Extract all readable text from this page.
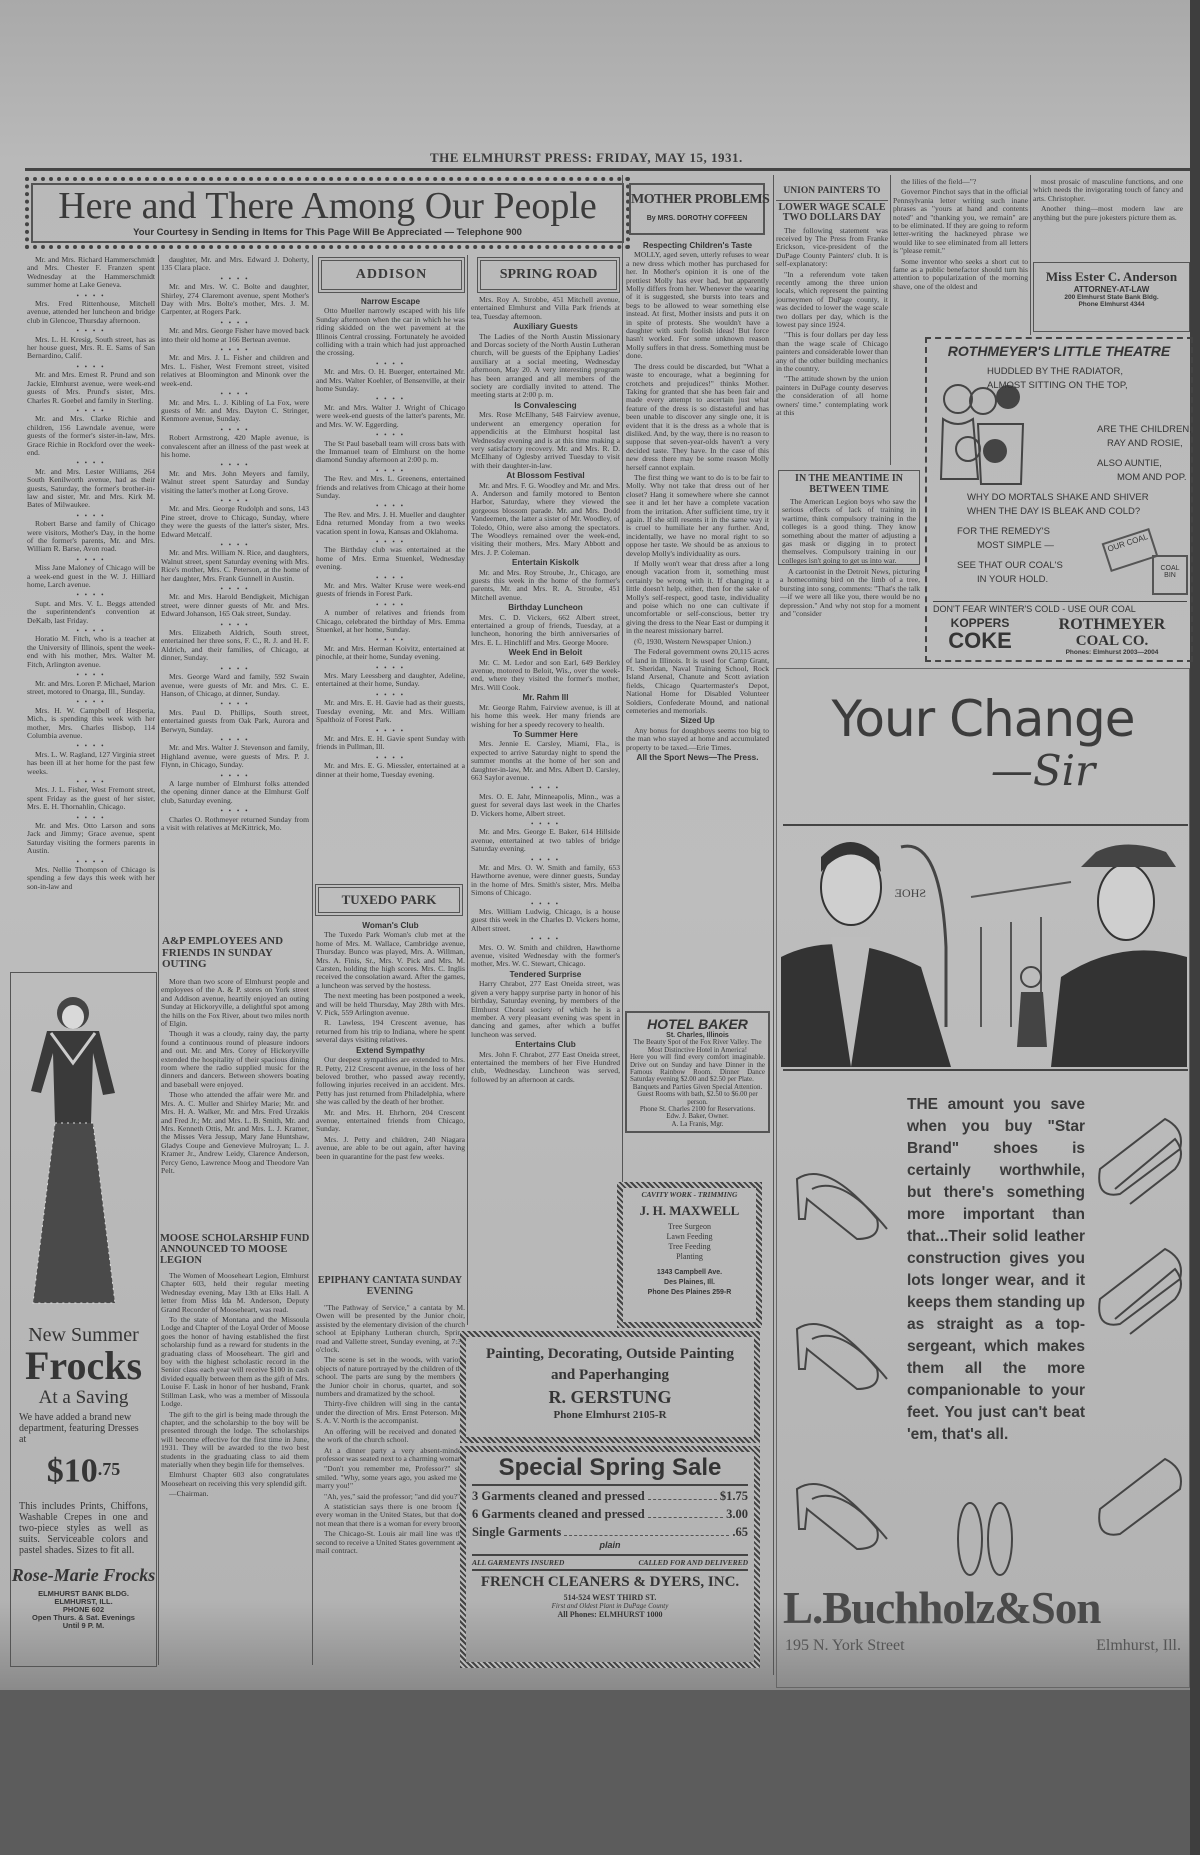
THE ELMHURST PRESS: FRIDAY, MAY 15, 1931.
Here and There Among Our People
Your Courtesy in Sending in Items for This Page Will Be Appreciated — Telephone 900

Mr. and Mrs. Richard Hammerschmidt and Mrs. Chester F. Franzen spent Wednesday at the Hammerschmidt summer home at Lake Geneva.

• • • •

Mrs. Fred Rittenhouse, Mitchell avenue, attended her luncheon and bridge club in Glencoe, Thursday afternoon.

• • • •

Mrs. L. H. Kresig, South street, has as her house guest, Mrs. R. E. Sams of San Bernardino, Calif.

• • • •

Mr. and Mrs. Ernest R. Prund and son Jackie, Elmhurst avenue, were week-end guests of Mrs. Prund's sister, Mrs. Charles R. Goebel and family in Sterling.

• • • •

Mr. and Mrs. Clarke Richie and children, 156 Lawndale avenue, were guests of the former's sister-in-law, Mrs. Grace Richie in Rockford over the week-end.

• • • •

Mr. and Mrs. Lester Williams, 264 South Kenilworth avenue, had as their guests, Saturday, the former's brother-in-law and sister, Mr. and Mrs. Kirk M. Bates of Milwaukee.

• • • •

Robert Barse and family of Chicago were visitors, Mother's Day, in the home of the former's parents, Mr. and Mrs. William R. Barse, Avon road.

• • • •

Miss Jane Maloney of Chicago will be a week-end guest in the W. J. Hilliard home, Larch avenue.

• • • •

Supt. and Mrs. V. L. Beggs attended the superintendent's convention at DeKalb, last Friday.

• • • •

Horatio M. Fitch, who is a teacher at the University of Illinois, spent the week-end with his mother, Mrs. Walter M. Fitch, Arlington avenue.

• • • •

Mr. and Mrs. Loren P. Michael, Marion street, motored to Onarga, Ill., Sunday.

• • • •

Mrs. H. W. Campbell of Hesperia, Mich., is spending this week with her mother, Mrs. Charles Ilisbop, 114 Columbia avenue.

• • • •

Mrs. L. W. Ragland, 127 Virginia street has been ill at her home for the past few weeks.

• • • •

Mrs. J. L. Fisher, West Fremont street, spent Friday as the guest of her sister, Mrs. E. H. Thornahlin, Chicago.

• • • •

Mr. and Mrs. Otto Larson and sons Jack and Jimmy; Grace avenue, spent Saturday visiting the formers parents in Austin.

• • • •

Mrs. Nellie Thompson of Chicago is spending a few days this week with her son-in-law and

New Summer
Frocks
At a Saving
We have added a brand new department, featuring Dresses at
$\$10^{.75}$
This includes Prints, Chiffons, Washable Crepes in one and two-piece styles as well as suits. Serviceable colors and pastel shades. Sizes to fit all.
Rose-Marie Frocks
ELMHURST BANK BLDG.
ELMHURST, ILL.
PHONE 602
Open Thurs. & Sat. Evenings
Until 9 P. M.

daughter, Mr. and Mrs. Edward J. Doherty, 135 Clara place.

• • • •

Mr. and Mrs. W. C. Bolte and daughter, Shirley, 274 Claremont avenue, spent Mother's Day with Mrs. Bolte's mother, Mrs. J. M. Carpenter, at Rogers Park.

• • • •

Mr. and Mrs. George Fisher have moved back into their old home at 166 Bertean avenue.

• • • •

Mr. and Mrs. J. L. Fisher and children and Mrs. L. Fisher, West Fremont street, visited relatives at Bloomington and Minonk over the week-end.

• • • •

Mr. and Mrs. L. J. Kibling of La Fox, were guests of Mr. and Mrs. Dayton C. Stringer, Kenmore avenue, Sunday.

• • • •

Robert Armstrong, 420 Maple avenue, is convalescent after an illness of the past week at his home.

• • • •

Mr. and Mrs. John Meyers and family, Walnut street spent Saturday and Sunday visiting the latter's mother at Long Grove.

• • • •

Mr. and Mrs. George Rudolph and sons, 143 Pine street, drove to Chicago, Sunday, where they were the guests of the latter's sister, Mrs. Edward Metcalf.

• • • •

Mr. and Mrs. William N. Rice, and daughters, Walnut street, spent Saturday evening with Mrs. Rice's mother, Mrs. C. Peterson, at the home of her daughter, Mrs. Frank Gunnell in Austin.

• • • •

Mr. and Mrs. Harold Bendigkeit, Michigan street, were dinner guests of Mr. and Mrs. Edward Johanson, 165 Oak street, Sunday.

• • • •

Mrs. Elizabeth Aldrich, South street, entertained her three sons, F. C., R. J. and H. F. Aldrich, and their families, of Chicago, at dinner, Sunday.

• • • •

Mrs. George Ward and family, 592 Swain avenue, were guests of Mr. and Mrs. C. E. Hanson, of Chicago, at dinner, Sunday.

• • • •

Mrs. Paul D. Phillips, South street, entertained guests from Oak Park, Aurora and Berwyn, Sunday.

• • • •

Mr. and Mrs. Walter J. Stevenson and family, Highland avenue, were guests of Mrs. P. J. Flynn, in Chicago, Sunday.

• • • •

A large number of Elmhurst folks attended the opening dinner dance at the Elmhurst Golf club, Saturday evening.

• • • •

Charles O. Rothmeyer returned Sunday from a visit with relatives at McKittrick, Mo.

A&P EMPLOYEES AND FRIENDS IN SUNDAY OUTING

More than two score of Elmhurst people and employees of the A. & P. stores on York street and Addison avenue, heartily enjoyed an outing Sunday at Hickoryville, a delightful spot among the hills on the Fox River, about two miles north of Elgin.

Though it was a cloudy, rainy day, the party found a continuous round of pleasure indoors and out. Mr. and Mrs. Corey of Hickoryville extended the hospitality of their spacious dining room where the radio supplied music for the dinners and dancers. Between showers boating and baseball were enjoyed.

Those who attended the affair were Mr. and Mrs. A. C. Muller and Shirley Marie; Mr. and Mrs. H. A. Walker, Mr. and Mrs. Fred Urzakis and Fred Jr.; Mr. and Mrs. L. B. Smith, Mr. and Mrs. Kenneth Ottis, Mr. and Mrs. L. J. Kramer, the Misses Vera Jessup, Mary Jane Huntshaw, Gladys Coupe and Genevieve Mulroyan; L. J. Kramer Jr., Andrew Leidy, Clarence Anderson, Percy Geno, Lawrence Moog and Theodore Van Pelt.

MOOSE SCHOLARSHIP FUND ANNOUNCED TO MOOSE LEGION

The Women of Mooseheart Legion, Elmhurst Chapter 603, held their regular meeting Wednesday evening, May 13th at Elks Hall. A letter from Miss Ida M. Anderson, Deputy Grand Recorder of Mooseheart, was read.

To the state of Montana and the Missoula Lodge and Chapter of the Loyal Order of Moose goes the honor of having established the first scholarship fund as a reward for students in the graduating class of Mooseheart. The girl and boy with the highest scholastic record in the Senior class each year will receive $100 in cash divided equally between them as the gift of Mrs. Louise F. Lask in honor of her husband, Frank Stillman Lask, who was a member of Missoula Lodge.

The gift to the girl is being made through the chapter, and the scholarship to the boy will be presented through the lodge. The scholarships will become effective for the first time in June, 1931. They will be awarded to the two best students in the graduating class to aid them materially when they begin life for themselves.

Elmhurst Chapter 603 also congratulates Mooseheart on receiving this very splendid gift.

—Chairman.

ADDISON
Narrow Escape

Otto Mueller narrowly escaped with his life Sunday afternoon when the car in which he was riding skidded on the wet pavement at the Illinois Central crossing. Fortunately he avoided colliding with a train which had just approached the crossing.

• • • •

Mr. and Mrs. O. H. Buerger, entertained Mr. and Mrs. Walter Koehler, of Bensenville, at their home Sunday.

• • • •

Mr. and Mrs. Walter J. Wright of Chicago were week-end guests of the latter's parents, Mr. and Mrs. W. W. Eggerding.

• • • •

The St Paul baseball team will cross bats with the Immanuel team of Elmhurst on the home diamond Sunday afternoon at 2:00 p. m.

• • • •

The Rev. and Mrs. L. Greenens, entertained friends and relatives from Chicago at their home Sunday.

• • • •

The Rev. and Mrs. J. H. Mueller and daughter Edna returned Monday from a two weeks vacation spent in Iowa, Kansas and Oklahoma.

• • • •

The Birthday club was entertained at the home of Mrs. Erma Stuenkel, Wednesday evening.

• • • •

Mr. and Mrs. Walter Kruse were week-end guests of friends in Forest Park.

• • • •

A number of relatives and friends from Chicago, celebrated the birthday of Mrs. Emma Stuenkel, at her home, Sunday.

• • • •

Mr. and Mrs. Herman Koivitz, entertained at pinochle, at their home, Sunday evening.

• • • •

Mrs. Mary Leessberg and daughter, Adeline, entertained at their home, Sunday.

• • • •

Mr. and Mrs. E. H. Gavie had as their guests, Tuesday evening, Mr. and Mrs. William Spalthoiz of Forest Park.

• • • •

Mr. and Mrs. E. H. Gavie spent Sunday with friends in Pullman, Ill.

• • • •

Mr. and Mrs. E. G. Miessler, entertained at a dinner at their home, Tuesday evening.

TUXEDO PARK
Woman's Club

The Tuxedo Park Woman's club met at the home of Mrs. M. Wallace, Cambridge avenue, Thursday. Bunco was played, Mrs. A. Willman, Mrs. A. Finis, Sr., Mrs. V. Pick and Mrs. M. Carsten, holding the high scores. Mrs. C. Inglis received the consolation award. After the games, a luncheon was served by the hostess.

The next meeting has been postponed a week, and will be held Thursday, May 28th with Mrs. V. Pick, 559 Arlington avenue.

R. Lawless, 194 Crescent avenue, has returned from his trip to Indiana, where he spent several days visiting relatives.

Extend Sympathy

Our deepest sympathies are extended to Mrs. R. Petty, 212 Crescent avenue, in the loss of her beloved brother, who passed away recently, following injuries received in an accident. Mrs. Petty has just returned from Philadelphia, where she was called by the death of her brother.

Mr. and Mrs. H. Ehrhorn, 204 Crescent avenue, entertained friends from Chicago, Sunday.

Mrs. J. Petty and children, 240 Niagara avenue, are able to be out again, after having been in quarantine for the past few weeks.

EPIPHANY CANTATA SUNDAY EVENING

"The Pathway of Service," a cantata by M. Owen will be presented by the Junior choir, assisted by the elementary division of the church school at Epiphany Lutheran church, Spring road and Vallette street, Sunday evening, at 7:30 o'clock.

The scene is set in the woods, with various objects of nature portrayed by the children of the school. The parts are sung by the members of the Junior choir in chorus, quartet, and solo numbers and dramatized by the school.

Thirty-five children will sing in the cantata under the direction of Mrs. Ernst Peterson. Mrs. S. A. V. North is the accompanist.

An offering will be received and donated to the work of the church school.

At a dinner party a very absent-minded professor was seated next to a charming woman.

"Don't you remember me, Professor?" she smiled. "Why, some years ago, you asked me to marry you!"

"Ah, yes," said the professor; "and did you?"

A statistician says there is one broom for every woman in the United States, but that does not mean that there is a woman for every broom.

The Chicago-St. Louis air mail line was the second to receive a United States government air mail contract.

SPRING ROAD

Mrs. Roy A. Strobbe, 451 Mitchell avenue, entertained Elmhurst and Villa Park friends at tea, Tuesday afternoon.

Auxiliary Guests

The Ladies of the North Austin Missionary and Dorcas society of the North Austin Lutheran church, will be guests of the Epiphany Ladies' auxiliary at a social meeting, Wednesday afternoon, May 20. A very interesting program has been arranged and all members of the society are cordially invited to attend. The meeting starts at 2:00 p. m.

Is Convalescing

Mrs. Rose McElhany, 548 Fairview avenue, underwent an emergency operation for appendicitis at the Elmhurst hospital last Wednesday evening and is at this time making a very satisfactory recovery. Mr. and Mrs. R. D. McElhany of Oglesby arrived Tuesday to visit with their daughter-in-law.

At Blossom Festival

Mr. and Mrs. F. G. Woodley and Mr. and Mrs. A. Anderson and family motored to Benton Harbor, Saturday, where they viewed the gorgeous blossom parade. Mr. and Mrs. Dodd Vandeemen, the latter a sister of Mr. Woodley, of Toledo, Ohio, were also among the spectators. The Woodleys remained over the week-end, visiting their mothers, Mrs. Mary Abbott and Mrs. J. P. Coleman.

Entertain Kiskolk

Mr. and Mrs. Roy Stroube, Jr., Chicago, are guests this week in the home of the former's parents, Mr. and Mrs. R. A. Stroube, 451 Mitchell avenue.

Birthday Luncheon

Mrs. C. D. Vickers, 662 Albert street, entertained a group of friends, Tuesday, at a luncheon, honoring the birth anniversaries of Mrs. E. L. Hinchliff and Mrs. George Moore.

Week End in Beloit

Mr. C. M. Ledor and son Earl, 649 Berkley avenue, motored to Beloit, Wis., over the week-end, where they visited the former's mother, Mrs. Will Cook.

Mr. Rahm Ill

Mr. George Rahm, Fairview avenue, is ill at his home this week. Her many friends are wishing for her a speedy recovery to health.

To Summer Here

Mrs. Jennie E. Carsley, Miami, Fla., is expected to arrive Saturday night to spend the summer months at the home of her son and daughter-in-law, Mr. and Mrs. Albert D. Carsley, 663 Saylor avenue.

• • • •

Mrs. O. E. Jahr, Minneapolis, Minn., was a guest for several days last week in the Charles D. Vickers home, Albert street.

• • • •

Mr. and Mrs. George E. Baker, 614 Hillside avenue, entertained at two tables of bridge Saturday evening.

• • • •

Mr. and Mrs. O. W. Smith and family, 653 Hawthorne avenue, were dinner guests, Sunday in the home of Mrs. Smith's sister, Mrs. Melba Simons of Chicago.

• • • •

Mrs. William Ludwig, Chicago, is a house guest this week in the Charles D. Vickers home, Albert street.

• • • •

Mrs. O. W. Smith and children, Hawthorne avenue, visited Wednesday with the former's mother, Mrs. W. C. Stewart, Chicago.

Tendered Surprise

Harry Chrabot, 277 East Oneida street, was given a very happy surprise party in honor of his birthday, Saturday evening, by members of the Elmhurst Choral society of which he is a member. A very pleasant evening was spent in dancing and games, after which a buffet luncheon was served.

Entertains Club

Mrs. John F. Chrabot, 277 East Oneida street, entertained the members of her Five Hundred club, Wednesday. Luncheon was served, followed by an afternoon at cards.

MOTHER PROBLEMS
By MRS. DOROTHY COFFEEN
Respecting Children's Taste

MOLLY, aged seven, utterly refuses to wear a new dress which mother has purchased for her. In Mother's opinion it is one of the prettiest Molly has ever had, but apparently Molly differs from her. Whenever the wearing of it is suggested, she bursts into tears and begs to be allowed to wear something else instead. At first, Mother insists and puts it on in spite of protests. She wouldn't have a daughter with such foolish ideas! But force hasn't worked. For some unknown reason Molly suffers in that dress. Something must be done.

The dress could be discarded, but "What a waste to encourage, what a beginning for crotchets and prejudices!" thinks Mother. Taking for granted that she has been fair and made every attempt to ascertain just what feature of the dress is so distasteful and has been unable to discover any single one, it is evident that it is the dress as a whole that is disliked. And, by the way, there is no reason to suppose that seven-year-olds haven't a very decided taste. They have. In the case of this new dress there may be some reason Molly herself cannot explain.

The first thing we want to do is to be fair to Molly. Why not take that dress out of her closet? Hang it somewhere where she cannot see it and let her have a complete vacation from the irritation. After sufficient time, try it again. If she still resents it in the same way it is cruel to humiliate her any further. And, incidentally, we have no moral right to so oppose her taste. We should be as anxious to develop Molly's individuality as ours.

If Molly won't wear that dress after a long enough vacation from it, something must certainly be wrong with it. If changing it a little doesn't help, either, then for the sake of Molly's self-respect, good taste, individuality and poise which no one can cultivate if uncomfortable or self-conscious, better try giving the dress to the Near East or dumping it in the nearest missionary barrel.

(©, 1930, Western Newspaper Union.)

The Federal government owns 20,115 acres of land in Illinois. It is used for Camp Grant, Ft. Sheridan, Naval Training School, Rock Island Arsenal, Chanute and Scott aviation fields, Chicago Quartermaster's Depot, National Home for Disabled Volunteer Soldiers, Confederate Mound, and national cemeteries and memorials.

Sized Up

Any bonus for doughboys seems too big to the man who stayed at home and accumulated property to be taxed.—Erie Times.

All the Sport News—The Press.
HOTEL BAKER
St. Charles, Illinois
The Beauty Spot of the Fox River Valley. The Most Distinctive Hotel in America!
Here you will find every comfort imaginable. Drive out on Sunday and have Dinner in the Famous Rainbow Room. Dinner Dance Saturday evening $2.00 and $2.50 per Plate.
Banquets and Parties Given Special Attention.
Guest Rooms with bath, $2.50 to $6.00 per person.
Phone St. Charles 2100 for Reservations.
Edw. J. Baker, Owner.
A. La Franis, Mgr.
CAVITY WORK - TRIMMING
J. H. MAXWELL
Tree Surgeon
Lawn Feeding
Tree Feeding
Planting
1343 Campbell Ave.
Des Plaines, Ill.
Phone Des Plaines 259-R
Painting, Decorating, Outside Painting
and Paperhanging
R. GERSTUNG
Phone Elmhurst 2105-R
Special Spring Sale
3 Garments cleaned and pressed	$1.75
6 Garments cleaned and pressed	3.00
Single Garments	.65
plain
ALL GARMENTS INSURED	CALLED FOR AND DELIVERED
FRENCH CLEANERS & DYERS, INC.
514-524 WEST THIRD ST.
First and Oldest Plant in DuPage County
All Phones: ELMHURST 1000
UNION PAINTERS TO
LOWER WAGE SCALE TWO DOLLARS DAY

The following statement was received by The Press from Franke Erickson, vice-president of the DuPage County Painters' club. It is self-explanatory:

"In a referendum vote taken recently among the three union locals, which represent the painting journeymen of DuPage county, it was decided to lower the wage scale two dollars per day, which is the lowest pay since 1924.

"This is four dollars per day less than the wage scale of Chicago painters and considerable lower than any of the other building mechanics in the country.

"The attitude shown by the union painters in DuPage county deserves the consideration of all home owners' time." contemplating work at this

IN THE MEANTIME IN BETWEEN TIME

The American Legion boys who saw the serious effects of lack of training in wartime, think compulsory training in the colleges is a good thing. They know something about the matter of adjusting a gas mask or digging in to protect themselves. Compulsory training in our colleges isn't going to get us into war.

A cartoonist in the Detroit News, picturing a homecoming bird on the limb of a tree, bursting into song, comments: "That's the talk—if we were all like you, there would be no depression." And why not stop for a moment and "consider

the lilies of the field—"?

Governor Pinchot says that in the official Pennsylvania letter writing such inane phrases as "yours at hand and contents noted" and "thanking you, we remain" are to be eliminated. If they are going to reform letter-writing the hackneyed phrase we would like to see eliminated from all letters is "please remit."

Some inventor who seeks a short cut to fame as a public benefactor should turn his attention to popularization of the morning shave, one of the oldest and

most prosaic of masculine functions, and one which needs the invigorating touch of fancy and arts. Christopher.

Another thing—most modern law are anything but the pure jokesters picture them as.

Miss Ester C. Anderson
ATTORNEY-AT-LAW
200 Elmhurst State Bank Bldg.
Phone Elmhurst 4344
ROTHMEYER'S LITTLE THEATRE
HUDDLED BY THE RADIATOR,
ALMOST SITTING ON THE TOP,
ARE THE CHILDREN,
RAY AND ROSIE,
ALSO AUNTIE,
MOM AND POP.
WHY DO MORTALS SHAKE AND SHIVER
WHEN THE DAY IS BLEAK AND COLD?
FOR THE REMEDY'S
MOST SIMPLE —
SEE THAT OUR COAL'S
IN YOUR HOLD.
OUR COAL
COAL BIN
DON'T FEAR WINTER'S COLD - USE OUR COAL
KOPPERS
COKE
ROTHMEYER
COAL CO.
Phones: Elmhurst 2003—2004
Your Change
—Sir
SHOE
THE amount you save when you buy "Star Brand" shoes is certainly worthwhile, but there's something more important than that...Their solid leather construction gives you lots longer wear, and it keeps them standing up as straight as a top-sergeant, which makes them all the more companionable to your feet. You just can't beat 'em, that's all.
L.Buchholz&Son
195 N. York Street	Elmhurst, Ill.
